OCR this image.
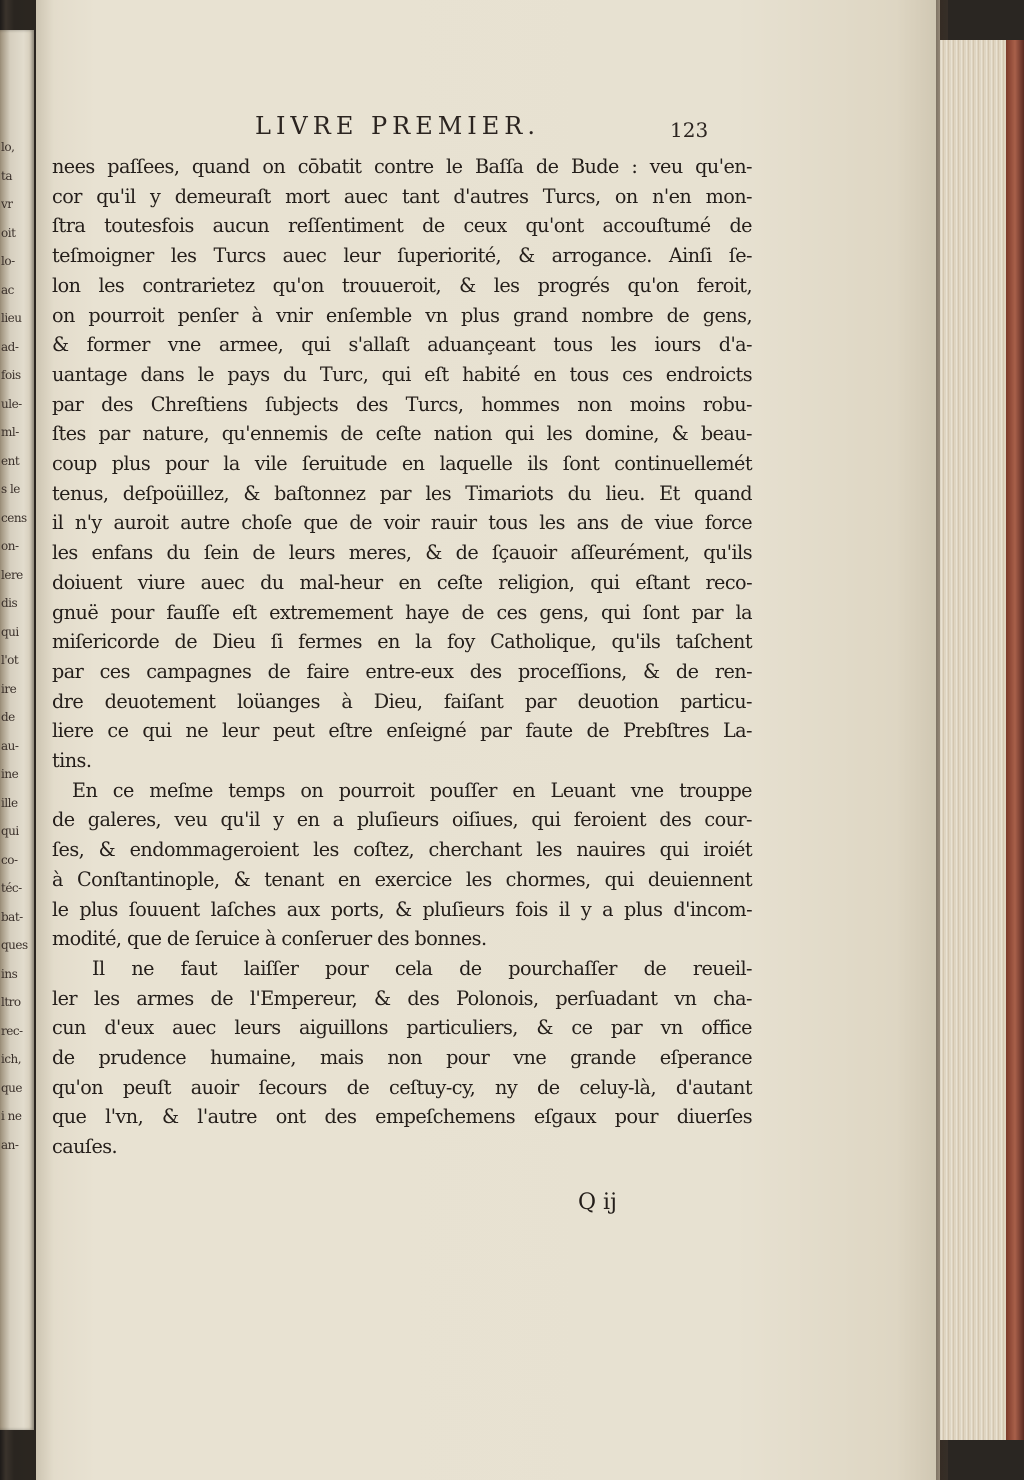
lo,
ta
vr
oit
lo-
ac
lieu
ad-
fois
ule-
ml-
ent
s le
cens
on-
lere
dis
qui
l'ot
ire
de
au-
ine
ille
qui
co-
téc-
bat-
ques
ins
ltro
rec-
ich,
que
i ne
an-
LIVRE PREMIER.	123
nees paſſees, quand on cōbatit contre le Baſſa de Bude : veu qu'en-
cor qu'il y demeuraſt mort auec tant d'autres Turcs, on n'en mon-
ſtra toutesfois aucun reſſentiment de ceux qu'ont accouſtumé de
teſmoigner les Turcs auec leur ſuperiorité, & arrogance. Ainſi ſe-
lon les contrarietez qu'on trouueroit, & les progrés qu'on feroit,
on pourroit penſer à vnir enſemble vn plus grand nombre de gens,
& former vne armee, qui s'allaſt aduançeant tous les iours d'a-
uantage dans le pays du Turc, qui eſt habité en tous ces endroicts
par des Chreſtiens ſubjects des Turcs, hommes non moins robu-
ſtes par nature, qu'ennemis de ceſte nation qui les domine, & beau-
coup plus pour la vile ſeruitude en laquelle ils ſont continuellemét
tenus, deſpoüillez, & baſtonnez par les Timariots du lieu. Et quand
il n'y auroit autre choſe que de voir rauir tous les ans de viue force
les enfans du ſein de leurs meres, & de ſçauoir aſſeurément, qu'ils
doiuent viure auec du mal-heur en ceſte religion, qui eſtant reco-
gnuë pour fauſſe eſt extremement haye de ces gens, qui ſont par la
miſericorde de Dieu ſi fermes en la foy Catholique, qu'ils taſchent
par ces campagnes de faire entre-eux des proceſſions, & de ren-
dre deuotement loüanges à Dieu, faiſant par deuotion particu-
liere ce qui ne leur peut eſtre enſeigné par faute de Prebſtres La-
tins.
En ce meſme temps on pourroit pouſſer en Leuant vne trouppe
de galeres, veu qu'il y en a pluſieurs oiſiues, qui feroient des cour-
ſes, & endommageroient les coſtez, cherchant les nauires qui iroiét
à Conſtantinople, & tenant en exercice les chormes, qui deuiennent
le plus ſouuent laſches aux ports, & pluſieurs fois il y a plus d'incom-
modité, que de ſeruice à conſeruer des bonnes.
Il ne faut laiſſer pour cela de pourchaſſer de reueil-
ler les armes de l'Empereur, & des Polonois, perſuadant vn cha-
cun d'eux auec leurs aiguillons particuliers, & ce par vn office
de prudence humaine, mais non pour vne grande eſperance
qu'on peuſt auoir ſecours de ceſtuy-cy, ny de celuy-là, d'autant
que l'vn, & l'autre ont des empeſchemens eſgaux pour diuerſes
cauſes.
Q ij
